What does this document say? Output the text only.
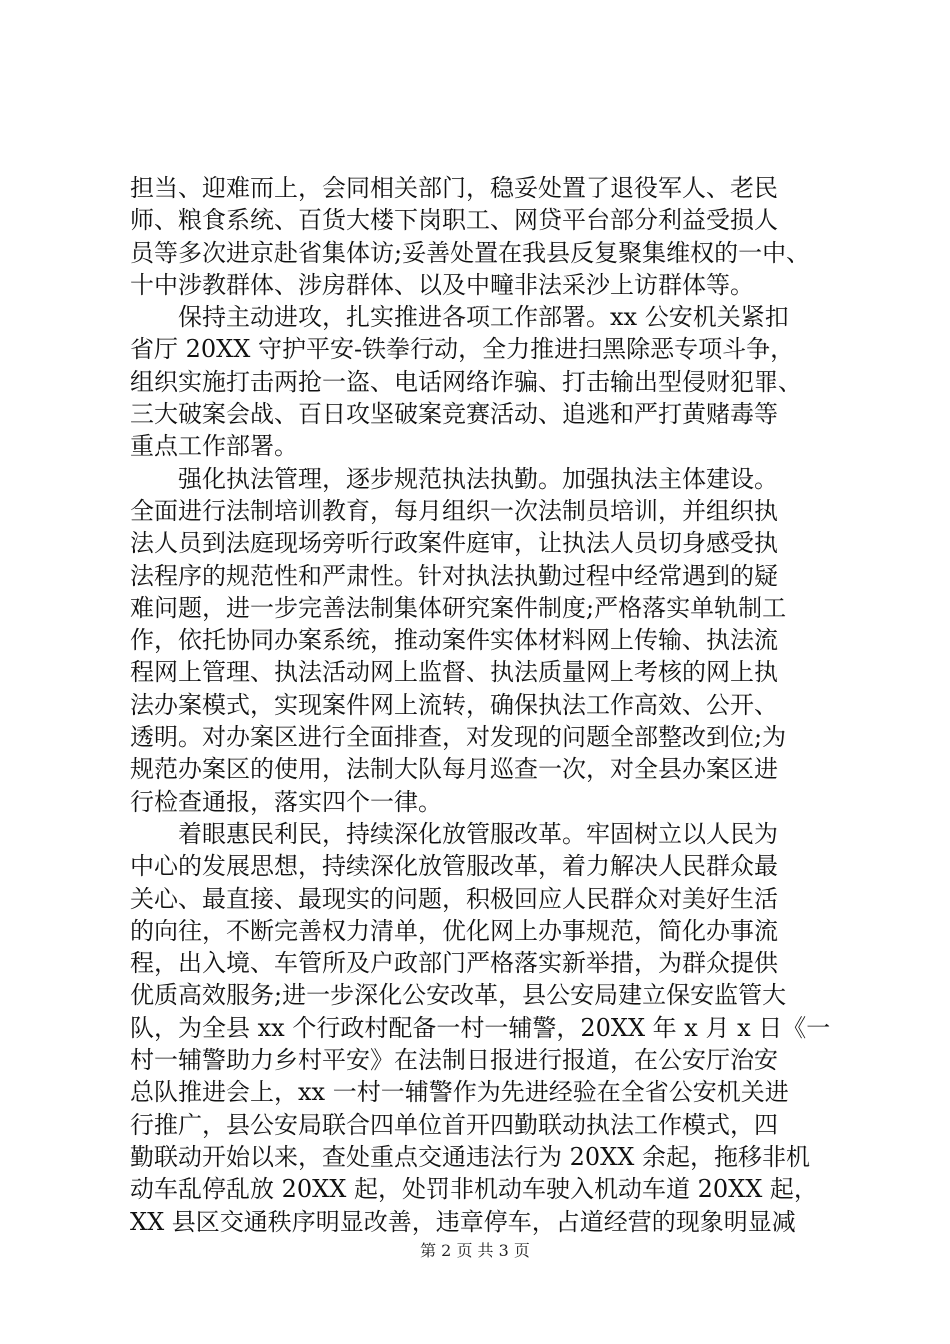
担当、迎难而上，会同相关部门，稳妥处置了退役军人、老民
师、粮食系统、百货大楼下岗职工、网贷平台部分利益受损人
员等多次进京赴省集体访;妥善处置在我县反复聚集维权的一中、
十中涉教群体、涉房群体、以及中疃非法采沙上访群体等。
保持主动进攻，扎实推进各项工作部署。xx 公安机关紧扣
省厅 20XX 守护平安-铁拳行动，全力推进扫黑除恶专项斗争，
组织实施打击两抢一盗、电话网络诈骗、打击输出型侵财犯罪、
三大破案会战、百日攻坚破案竞赛活动、追逃和严打黄赌毒等
重点工作部署。
强化执法管理，逐步规范执法执勤。加强执法主体建设。
全面进行法制培训教育，每月组织一次法制员培训，并组织执
法人员到法庭现场旁听行政案件庭审，让执法人员切身感受执
法程序的规范性和严肃性。针对执法执勤过程中经常遇到的疑
难问题，进一步完善法制集体研究案件制度;严格落实单轨制工
作，依托协同办案系统，推动案件实体材料网上传输、执法流
程网上管理、执法活动网上监督、执法质量网上考核的网上执
法办案模式，实现案件网上流转，确保执法工作高效、公开、
透明。对办案区进行全面排查，对发现的问题全部整改到位;为
规范办案区的使用，法制大队每月巡查一次，对全县办案区进
行检查通报，落实四个一律。
着眼惠民利民，持续深化放管服改革。牢固树立以人民为
中心的发展思想，持续深化放管服改革，着力解决人民群众最
关心、最直接、最现实的问题，积极回应人民群众对美好生活
的向往，不断完善权力清单，优化网上办事规范，简化办事流
程，出入境、车管所及户政部门严格落实新举措，为群众提供
优质高效服务;进一步深化公安改革，县公安局建立保安监管大
队，为全县 xx 个行政村配备一村一辅警，20XX 年 x 月 x 日《一
村一辅警助力乡村平安》在法制日报进行报道，在公安厅治安
总队推进会上，xx 一村一辅警作为先进经验在全省公安机关进
行推广，县公安局联合四单位首开四勤联动执法工作模式，四
勤联动开始以来，查处重点交通违法行为 20XX 余起，拖移非机
动车乱停乱放 20XX 起，处罚非机动车驶入机动车道 20XX 起，
XX 县区交通秩序明显改善，违章停车，占道经营的现象明显减
第 2 页 共 3 页
